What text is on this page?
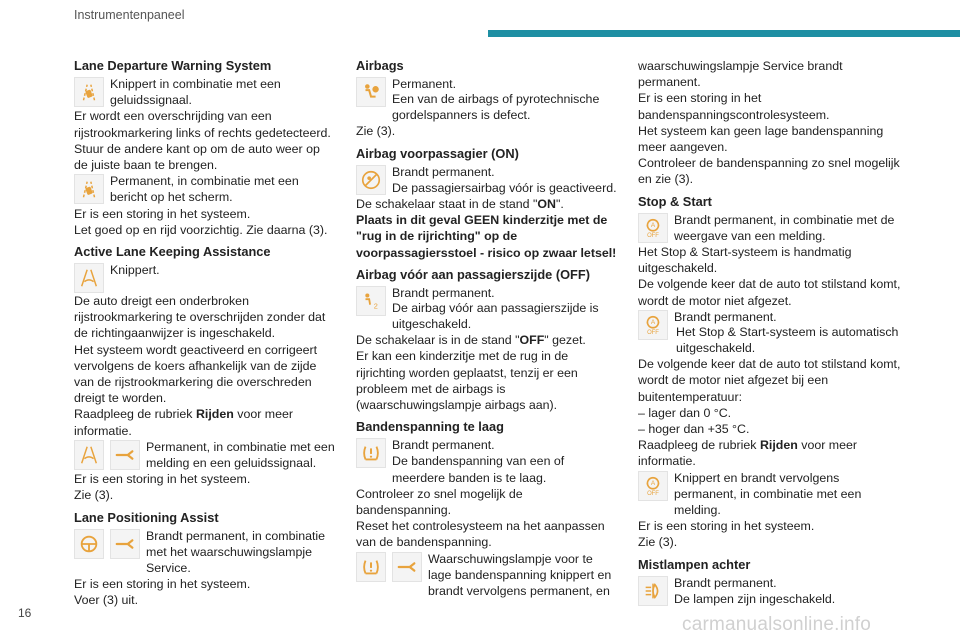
Instrumentenpaneel
Lane Departure Warning System
Knippert in combinatie met een geluidssignaal.
Er wordt een overschrijding van een rijstrookmarkering links of rechts gedetecteerd.
Stuur de andere kant op om de auto weer op de juiste baan te brengen.
Permanent, in combinatie met een bericht op het scherm.
Er is een storing in het systeem.
Let goed op en rijd voorzichtig. Zie daarna (3).
Active Lane Keeping Assistance
Knippert.
De auto dreigt een onderbroken rijstrookmarkering te overschrijden zonder dat de richtingaanwijzer is ingeschakeld.
Het systeem wordt geactiveerd en corrigeert vervolgens de koers afhankelijk van de zijde van de rijstrookmarkering die overschreden dreigt te worden.
Raadpleeg de rubriek Rijden voor meer informatie.
Permanent, in combinatie met een melding en een geluidssignaal.
Er is een storing in het systeem.
Zie (3).
Lane Positioning Assist
Brandt permanent, in combinatie met het waarschuwingslampje Service.
Er is een storing in het systeem.
Voer (3) uit.
Airbags
Permanent.
Een van de airbags of pyrotechnische gordelspanners is defect.
Zie (3).
Airbag voorpassagier (ON)
Brandt permanent.
De passagiersairbag vóór is geactiveerd.
De schakelaar staat in de stand "ON".
Plaats in dit geval GEEN kinderzitje met de "rug in de rijrichting" op de voorpassagiersstoel - risico op zwaar letsel!
Airbag vóór aan passagierszijde (OFF)
2
Brandt permanent.
De airbag vóór aan passagierszijde is uitgeschakeld.
De schakelaar is in de stand "OFF" gezet.
Er kan een kinderzitje met de rug in de rijrichting worden geplaatst, tenzij er een probleem met de airbags is (waarschuwingslampje airbags aan).
Bandenspanning te laag
Brandt permanent.
De bandenspanning van een of meerdere banden is te laag.
Controleer zo snel mogelijk de bandenspanning.
Reset het controlesysteem na het aanpassen van de bandenspanning.
Waarschuwingslampje voor te lage bandenspanning knippert en brandt vervolgens permanent, en
waarschuwingslampje Service brandt permanent.
Er is een storing in het bandenspanningscontrolesysteem.
Het systeem kan geen lage bandenspanning meer aangeven.
Controleer de bandenspanning zo snel mogelijk en zie (3).
Stop & Start
A
OFF
Brandt permanent, in combinatie met de weergave van een melding.
Het Stop & Start-systeem is handmatig uitgeschakeld.
De volgende keer dat de auto tot stilstand komt, wordt de motor niet afgezet.
A
OFF
Brandt permanent.
Het Stop & Start-systeem is automatisch uitgeschakeld.
De volgende keer dat de auto tot stilstand komt, wordt de motor niet afgezet bij een buitentemperatuur:
– lager dan 0 °C.
– hoger dan +35 °C.
Raadpleeg de rubriek Rijden voor meer informatie.
A
OFF
Knippert en brandt vervolgens permanent, in combinatie met een melding.
Er is een storing in het systeem.
Zie (3).
Mistlampen achter
Brandt permanent.
De lampen zijn ingeschakeld.
16
carmanualsonline.info
